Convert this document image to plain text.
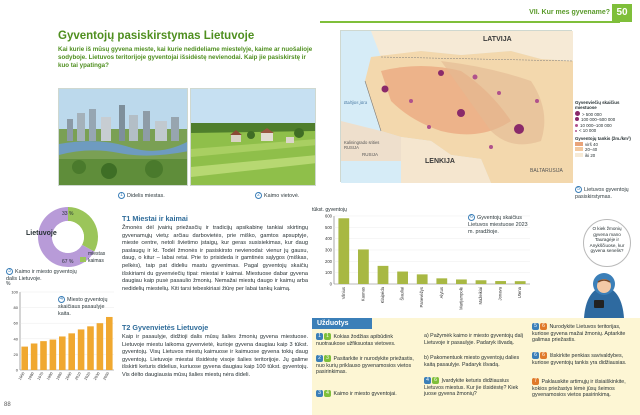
VII. Kur mes gyvename? 50
88
Gyventojų pasiskirstymas Lietuvoje
Kai kurie iš mūsų gyvena mieste, kai kurie nedideliame miestelyje, kaime ar nuošalioje sodyboje. Lietuvos teritorijoje gyventojai išsidėstę nevienodai. Kaip jie pasiskirstę ir kuo tai ypatinga?
1 Didelis miestas.	2 Kaimo vietovė.
LATVIJA
BALTARUSIJA
LENKIJA
RUSIJA
Baltijos jūra
Kaliningrado srities RUSIJA
Gyvenviečių skaičius miestuose
> 500 000
100 000–500 000
10 000–100 000
< 10 000
Gyventojų tankis (žm./km²)
virš 40
20–40
iki 20
5 Lietuvos gyventojų pasiskirstymas.
67 %
33 %
Lietuvoje
miestas
kaimas
3 Kaimo ir miesto gyventojų dalis Lietuvoje.
0
20
40
60
80
100
1950 1960 1970 1980 1990 2000 2010 2020 2030 2050
%
4 Miesto gyventojų skaičiaus pasaulyje kaita.
T1 Miestai ir kaimai
Žmonės dėl įvairių priežasčių ir tradicijų apsikabinę tankiai skirtingų gyvenamųjų vietų: arčiau darbovietės, prie miško, gamtos apsuptyje, mieste centre, netoli švietimo įstaigų, kur geras susisiekimas, kur daug paslaugų ir kt. Todėl žmonės ir pasiskirsto nevienodai: vienur jų gausu, daug, o kitur – labai retai. Prie to prisideda ir gamtinės sąlygos (miškas, pelkės), taip pat dideliu mastu gyvenimas. Pagal gyventojų skaičių išskiriami du gyvenviečių tipai: miestai ir kaimai. Miestuose dabar gyvena daugiau kaip pusė pasaulio žmonių. Nemažai miestų daugo ir kaimų arba nedidelių miestelių. Kiti tarsi tebeskiriasi žiūrę per labai tankų kaimą.
T2 Gyvenvietės Lietuvoje
Kaip ir pasaulyje, didžioji dalis mūsų šalies žmonių gyvena miestuose. Lietuvoje miestu laikoma gyvenvietė, kurioje gyvena daugiau kaip 3 tūkst. gyventojų. Visų Lietuvos miestų kaimuose ir kaimuose gyvena tokių daug gyventojų. Lietuvoje miestai išsidėstę visoje šalies teritorijoje. Jų galime išskirti keturis didelius, kuriuose gyvena daugiau kaip 100 tūkst. gyventojų. Vis dėlto daugiausia mūsų šalies miestų nėra dideli.
tūkst. gyventojų
0
100
200
300
400
500
600
Vilnius	Kaunas	Klaipėda	Šiauliai	Panevėžys	Alytus	Marijampolė	Mažeikiai	Jonava	Utena
6 Gyventojų skaičius Lietuvos miestuose 2023 m. pradžioje.
O kiek žmonių gyvena mano Tauragėje ir Anykščiuose, kur gyvena senelis?
Užduotys
1 1 Kokias žodžias apibūdink nuotraukose užfiksuotas vietoves.
2 3 Pasitarkite ir nurodykite priežastis, nuo kurių priklauso gyvenamosios vietos pasirinkimas.
3 4 Kaimo ir miesto gyventojai.
a) Pažymėk kaimo ir miesto gyventojų dalį Lietuvoje ir pasaulyje. Padaryk išvadą.
b) Pakomentuok miesto gyventojų dalies kaitą pasaulyje. Padaryk išvadą.
4 6 Įvardykite keturis didžiausius Lietuvos miestus. Kur jie išsidėstę? Kiek juose gyvena žmonių?
5 6 Nurodykite Lietuvos teritorijas, kuriose gyvena mažai žmonių. Aptarkite galimas priežastis.
6 6 Išskirkite penkias savivaldybes, kuriose gyventojų tankis yra didžiausias.
7 Paklauskite artimųjų ir išsiaiškinkite, kokios priežastys lėmė jūsų šeimos gyvenamosios vietos pasirinkimą.
